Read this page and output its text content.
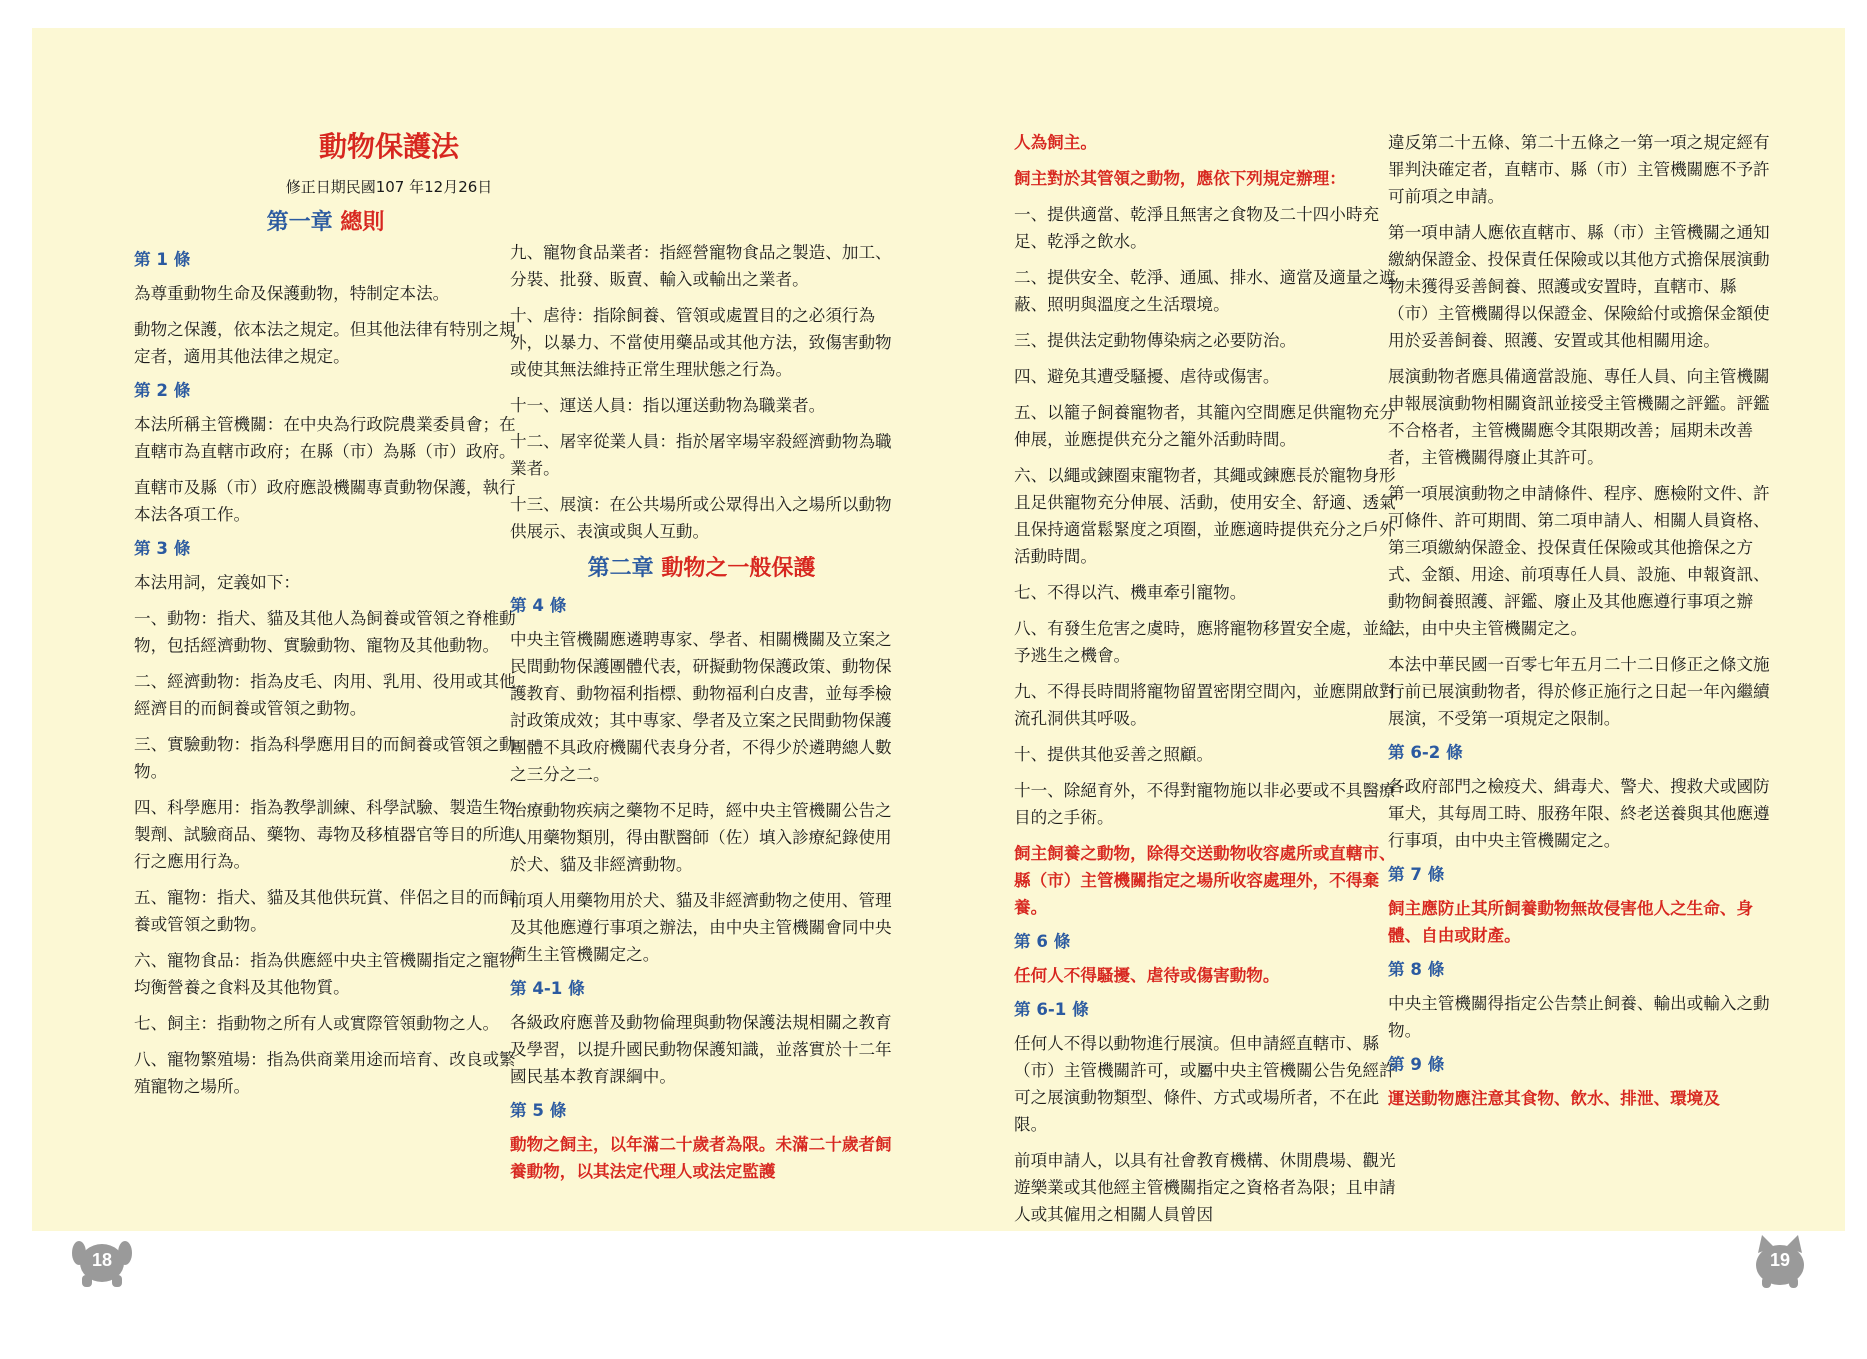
動物保護法

修正日期民國107 年12月26日

第一章 總則
第 1 條

為尊重動物生命及保護動物，特制定本法。

動物之保護，依本法之規定。但其他法律有特別之規定者，適用其他法律之規定。

第 2 條

本法所稱主管機關：在中央為行政院農業委員會；在直轄市為直轄市政府；在縣（市）為縣（市）政府。

直轄市及縣（市）政府應設機關專責動物保護，執行本法各項工作。

第 3 條

本法用詞，定義如下：

一、動物：指犬、貓及其他人為飼養或管領之脊椎動物，包括經濟動物、實驗動物、寵物及其他動物。

二、經濟動物：指為皮毛、肉用、乳用、役用或其他經濟目的而飼養或管領之動物。

三、實驗動物：指為科學應用目的而飼養或管領之動物。

四、科學應用：指為教學訓練、科學試驗、製造生物製劑、試驗商品、藥物、毒物及移植器官等目的所進行之應用行為。

五、寵物：指犬、貓及其他供玩賞、伴侶之目的而飼養或管領之動物。

六、寵物食品：指為供應經中央主管機關指定之寵物均衡營養之食料及其他物質。

七、飼主：指動物之所有人或實際管領動物之人。

八、寵物繁殖場：指為供商業用途而培育、改良或繁殖寵物之場所。

九、寵物食品業者：指經營寵物食品之製造、加工、分裝、批發、販賣、輸入或輸出之業者。

十、虐待：指除飼養、管領或處置目的之必須行為外，以暴力、不當使用藥品或其他方法，致傷害動物或使其無法維持正常生理狀態之行為。

十一、運送人員：指以運送動物為職業者。

十二、屠宰從業人員：指於屠宰場宰殺經濟動物為職業者。

十三、展演：在公共場所或公眾得出入之場所以動物供展示、表演或與人互動。

第二章 動物之一般保護
第 4 條

中央主管機關應遴聘專家、學者、相關機關及立案之民間動物保護團體代表，研擬動物保護政策、動物保護教育、動物福利指標、動物福利白皮書，並每季檢討政策成效；其中專家、學者及立案之民間動物保護團體不具政府機關代表身分者，不得少於遴聘總人數之三分之二。

治療動物疾病之藥物不足時，經中央主管機關公告之人用藥物類別，得由獸醫師（佐）填入診療紀錄使用於犬、貓及非經濟動物。

前項人用藥物用於犬、貓及非經濟動物之使用、管理及其他應遵行事項之辦法，由中央主管機關會同中央衛生主管機關定之。

第 4-1 條

各級政府應普及動物倫理與動物保護法規相關之教育及學習，以提升國民動物保護知識，並落實於十二年國民基本教育課綱中。

第 5 條

動物之飼主，以年滿二十歲者為限。未滿二十歲者飼養動物，以其法定代理人或法定監護

人為飼主。

飼主對於其管領之動物，應依下列規定辦理：

一、提供適當、乾淨且無害之食物及二十四小時充足、乾淨之飲水。

二、提供安全、乾淨、通風、排水、適當及適量之遮蔽、照明與溫度之生活環境。

三、提供法定動物傳染病之必要防治。

四、避免其遭受騷擾、虐待或傷害。

五、以籠子飼養寵物者，其籠內空間應足供寵物充分伸展，並應提供充分之籠外活動時間。

六、以繩或鍊圈束寵物者，其繩或鍊應長於寵物身形且足供寵物充分伸展、活動，使用安全、舒適、透氣且保持適當鬆緊度之項圈，並應適時提供充分之戶外活動時間。

七、不得以汽、機車牽引寵物。

八、有發生危害之虞時，應將寵物移置安全處，並給予逃生之機會。

九、不得長時間將寵物留置密閉空間內，並應開啟對流孔洞供其呼吸。

十、提供其他妥善之照顧。

十一、除絕育外，不得對寵物施以非必要或不具醫療目的之手術。

飼主飼養之動物，除得交送動物收容處所或直轄市、縣（市）主管機關指定之場所收容處理外，不得棄養。

第 6 條

任何人不得騷擾、虐待或傷害動物。

第 6-1 條

任何人不得以動物進行展演。但申請經直轄市、縣（市）主管機關許可，或屬中央主管機關公告免經許可之展演動物類型、條件、方式或場所者，不在此限。

前項申請人，以具有社會教育機構、休閒農場、觀光遊樂業或其他經主管機關指定之資格者為限；且申請人或其僱用之相關人員曾因

違反第二十五條、第二十五條之一第一項之規定經有罪判決確定者，直轄市、縣（市）主管機關應不予許可前項之申請。

第一項申請人應依直轄市、縣（市）主管機關之通知繳納保證金、投保責任保險或以其他方式擔保展演動物未獲得妥善飼養、照護或安置時，直轄市、縣（市）主管機關得以保證金、保險給付或擔保金額使用於妥善飼養、照護、安置或其他相關用途。

展演動物者應具備適當設施、專任人員、向主管機關申報展演動物相關資訊並接受主管機關之評鑑。評鑑不合格者，主管機關應令其限期改善；屆期未改善者，主管機關得廢止其許可。

第一項展演動物之申請條件、程序、應檢附文件、許可條件、許可期間、第二項申請人、相關人員資格、第三項繳納保證金、投保責任保險或其他擔保之方式、金額、用途、前項專任人員、設施、申報資訊、動物飼養照護、評鑑、廢止及其他應遵行事項之辦法，由中央主管機關定之。

本法中華民國一百零七年五月二十二日修正之條文施行前已展演動物者，得於修正施行之日起一年內繼續展演，不受第一項規定之限制。

第 6-2 條

各政府部門之檢疫犬、緝毒犬、警犬、搜救犬或國防軍犬，其每周工時、服務年限、終老送養與其他應遵行事項，由中央主管機關定之。

第 7 條

飼主應防止其所飼養動物無故侵害他人之生命、身體、自由或財產。

第 8 條

中央主管機關得指定公告禁止飼養、輸出或輸入之動物。

第 9 條

運送動物應注意其食物、飲水、排泄、環境及

18	19
